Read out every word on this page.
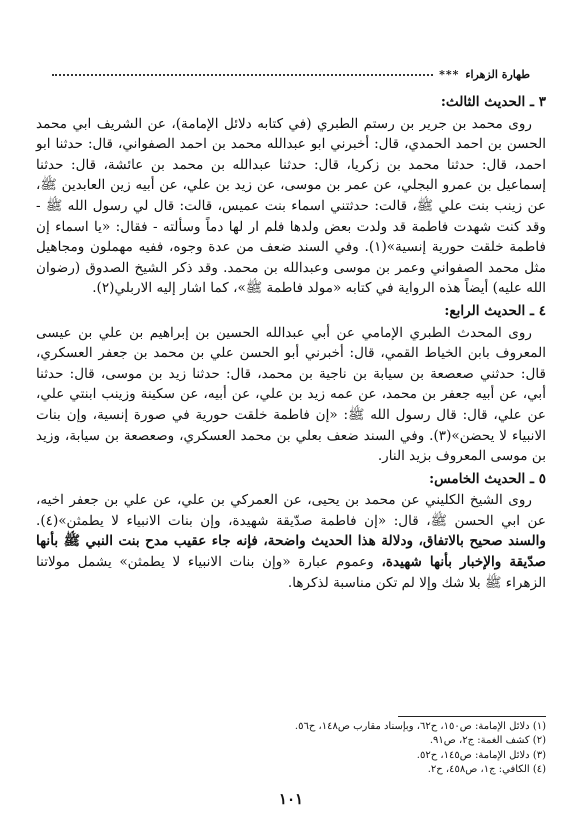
طهارة الزهراء
***

٣ ـ الحديث الثالث:

روى محمد بن جرير بن رستم الطبري (في كتابه دلائل الإمامة)، عن الشريف ابي محمد الحسن بن احمد الحمدي، قال: أخبرني ابو عبدالله محمد بن احمد الصفواني، قال: حدثنا ابو احمد، قال: حدثنا محمد بن زكريا، قال: حدثنا عبدالله بن محمد بن عائشة، قال: حدثنا إسماعيل بن عمرو البجلي، عن عمر بن موسى، عن زيد بن علي، عن أبيه زين العابدين ﷺ، عن زينب بنت علي ﷺ، قالت: حدثتني اسماء بنت عميس، قالت: قال لي رسول الله ﷺ - وقد كنت شهدت فاطمة قد ولدت بعض ولدها فلم ار لها دماً وسألته - فقال: «يا اسماء إن فاطمة خلقت حورية إنسية»(١). وفي السند ضعف من عدة وجوه، ففيه مهملون ومجاهيل مثل محمد الصفواني وعمر بن موسى وعبدالله بن محمد. وقد ذكر الشيخ الصدوق (رضوان الله عليه) أيضاً هذه الرواية في كتابه «مولد فاطمة ﷺ»، كما اشار إليه الاربلي(٢).

٤ ـ الحديث الرابع:

روى المحدث الطبري الإمامي عن أبي عبدالله الحسين بن إبراهيم بن علي بن عيسى المعروف بابن الخياط القمي، قال: أخبرني أبو الحسن علي بن محمد بن جعفر العسكري، قال: حدثني صعصعة بن سيابة بن ناجية بن محمد، قال: حدثنا زيد بن موسى، قال: حدثنا أبي، عن أبيه جعفر بن محمد، عن عمه زيد بن علي، عن أبيه، عن سكينة وزينب ابنتي علي، عن علي، قال: قال رسول الله ﷺ: «إن فاطمة خلقت حورية في صورة إنسية، وإن بنات الانبياء لا يحضن»(٣). وفي السند ضعف بعلي بن محمد العسكري، وصعصعة بن سيابة، وزيد بن موسى المعروف بزيد النار.

٥ ـ الحديث الخامس:

روى الشيخ الكليني عن محمد بن يحيى، عن العمركي بن علي، عن علي بن جعفر اخيه، عن ابي الحسن ﷺ، قال: «إن فاطمة صدّيقة شهيدة، وإن بنات الانبياء لا يطمثن»(٤). والسند صحيح بالاتفاق، ودلالة هذا الحديث واضحة، فإنه جاء عقيب مدح بنت النبي ﷺ بأنها صدّيقة والإخبار بأنها شهيدة، وعموم عبارة «وإن بنات الانبياء لا يطمثن» يشمل مولاتنا الزهراء ﷺ بلا شك وإلا لم تكن مناسبة لذكرها.

(١) دلائل الإمامة: ص١٥٠، ح٦٢، وبإسناد مقارب ص١٤٨، ح٥٦.
(٢) كشف الغمة: ج٢، ص٩١.
(٣) دلائل الإمامة: ص١٤٥، ح٥٢.
(٤) الكافي: ج١، ص٤٥٨، ح٢.
١٠١
